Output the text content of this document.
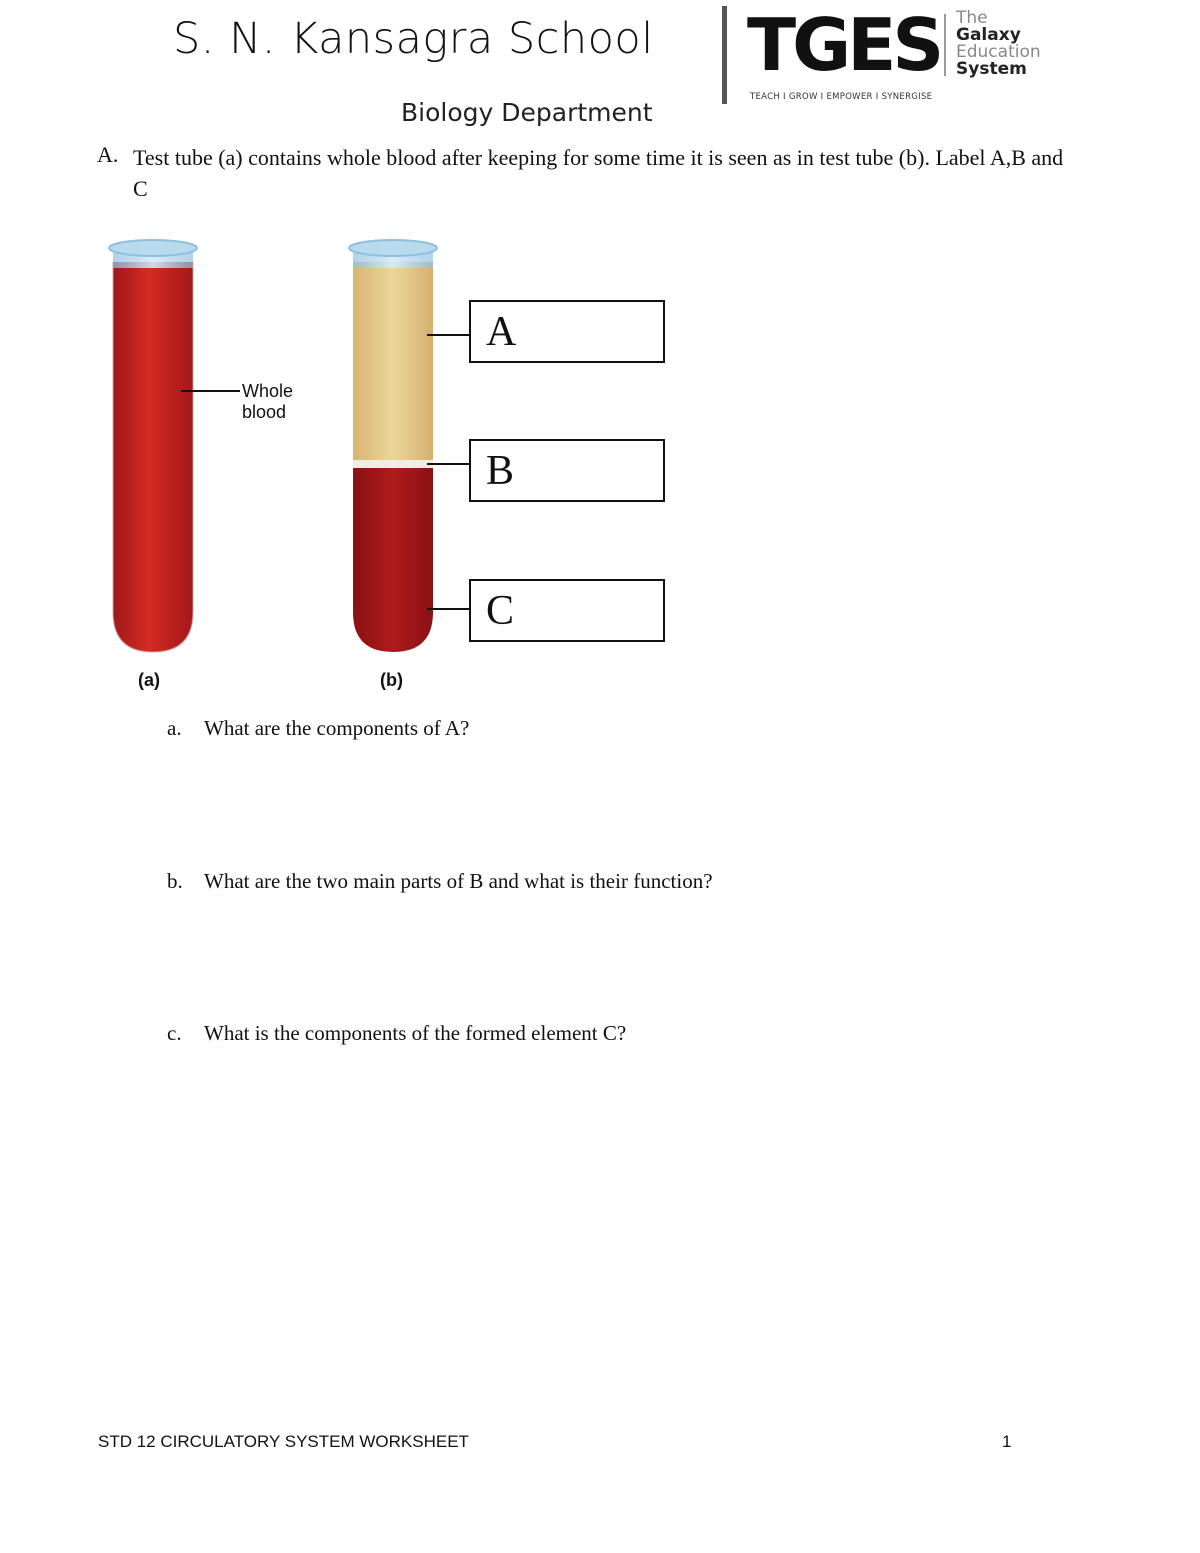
S. N. Kansagra School
Biology Department
TGES The
Galaxy
Education
System
TEACH I GROW I EMPOWER I SYNERGISE
A. Test tube (a) contains whole blood after keeping for some time it is seen as in test tube (b). Label A,B and C
Whole
blood
A
B
C
(a)	(b)
a. What are the components of A?
b. What are the two main parts of B and what is their function?
c. What is the components of the formed element C?
STD 12 CIRCULATORY SYSTEM WORKSHEET	1
